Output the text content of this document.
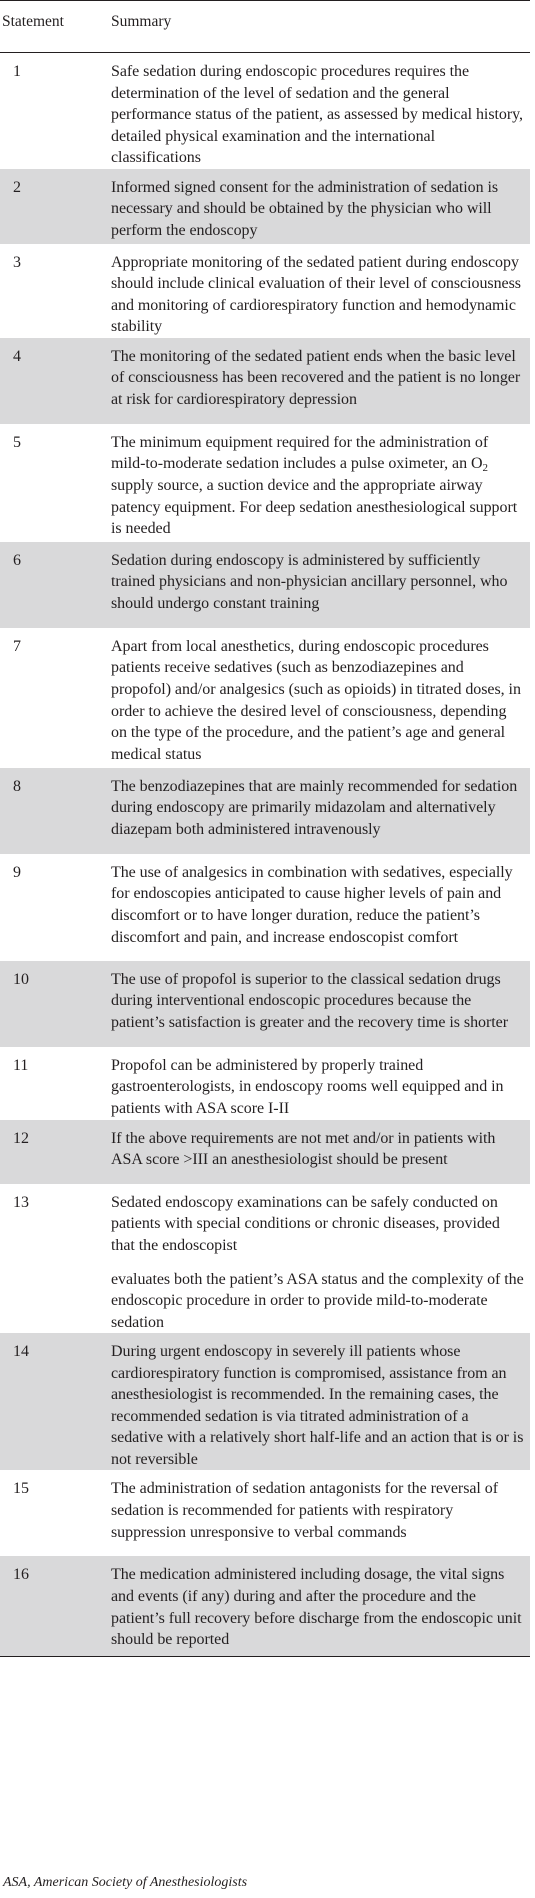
Statement	Summary
1	Safe sedation during endoscopic procedures requires the determination of the level of sedation and the general performance status of the patient, as assessed by medical history, detailed physical examination and the international classifications
2	Informed signed consent for the administration of sedation is necessary and should be obtained by the physician who will perform the endoscopy
3	Appropriate monitoring of the sedated patient during endoscopy should include clinical evaluation of their level of consciousness and monitoring of cardiorespiratory function and hemodynamic stability
4	The monitoring of the sedated patient ends when the basic level of consciousness has been recovered and the patient is no longer at risk for cardiorespiratory depression
5	The minimum equipment required for the administration of mild-to-moderate sedation includes a pulse oximeter, an $O_2$ supply source, a suction device and the appropriate airway patency equipment. For deep sedation anesthesiological support is needed
6	Sedation during endoscopy is administered by sufficiently trained physicians and non-physician ancillary personnel, who should undergo constant training
7	Apart from local anesthetics, during endoscopic procedures patients receive sedatives (such as benzodiazepines and propofol) and/or analgesics (such as opioids) in titrated doses, in order to achieve the desired level of consciousness, depending on the type of the procedure, and the patient’s age and general medical status
8	The benzodiazepines that are mainly recommended for sedation during endoscopy are primarily midazolam and alternatively diazepam both administered intravenously
9	The use of analgesics in combination with sedatives, especially for endoscopies anticipated to cause higher levels of pain and discomfort or to have longer duration, reduce the patient’s discomfort and pain, and increase endoscopist comfort
10	The use of propofol is superior to the classical sedation drugs during interventional endoscopic procedures because the patient’s satisfaction is greater and the recovery time is shorter
11	Propofol can be administered by properly trained gastroenterologists, in endoscopy rooms well equipped and in patients with ASA score I-II
12	If the above requirements are not met and/or in patients with ASA score >III an anesthesiologist should be present
13	Sedated endoscopy examinations can be safely conducted on patients with special conditions or chronic diseases, provided that the endoscopist
	evaluates both the patient’s ASA status and the complexity of the endoscopic procedure in order to provide mild-to-moderate sedation
14	During urgent endoscopy in severely ill patients whose cardiorespiratory function is compromised, assistance from an anesthesiologist is recommended. In the remaining cases, the recommended sedation is via titrated administration of a sedative with a relatively short half-life and an action that is or is not reversible
15	The administration of sedation antagonists for the reversal of sedation is recommended for patients with respiratory suppression unresponsive to verbal commands
16	The medication administered including dosage, the vital signs and events (if any) during and after the procedure and the patient’s full recovery before discharge from the endoscopic unit should be reported
ASA, American Society of Anesthesiologists
